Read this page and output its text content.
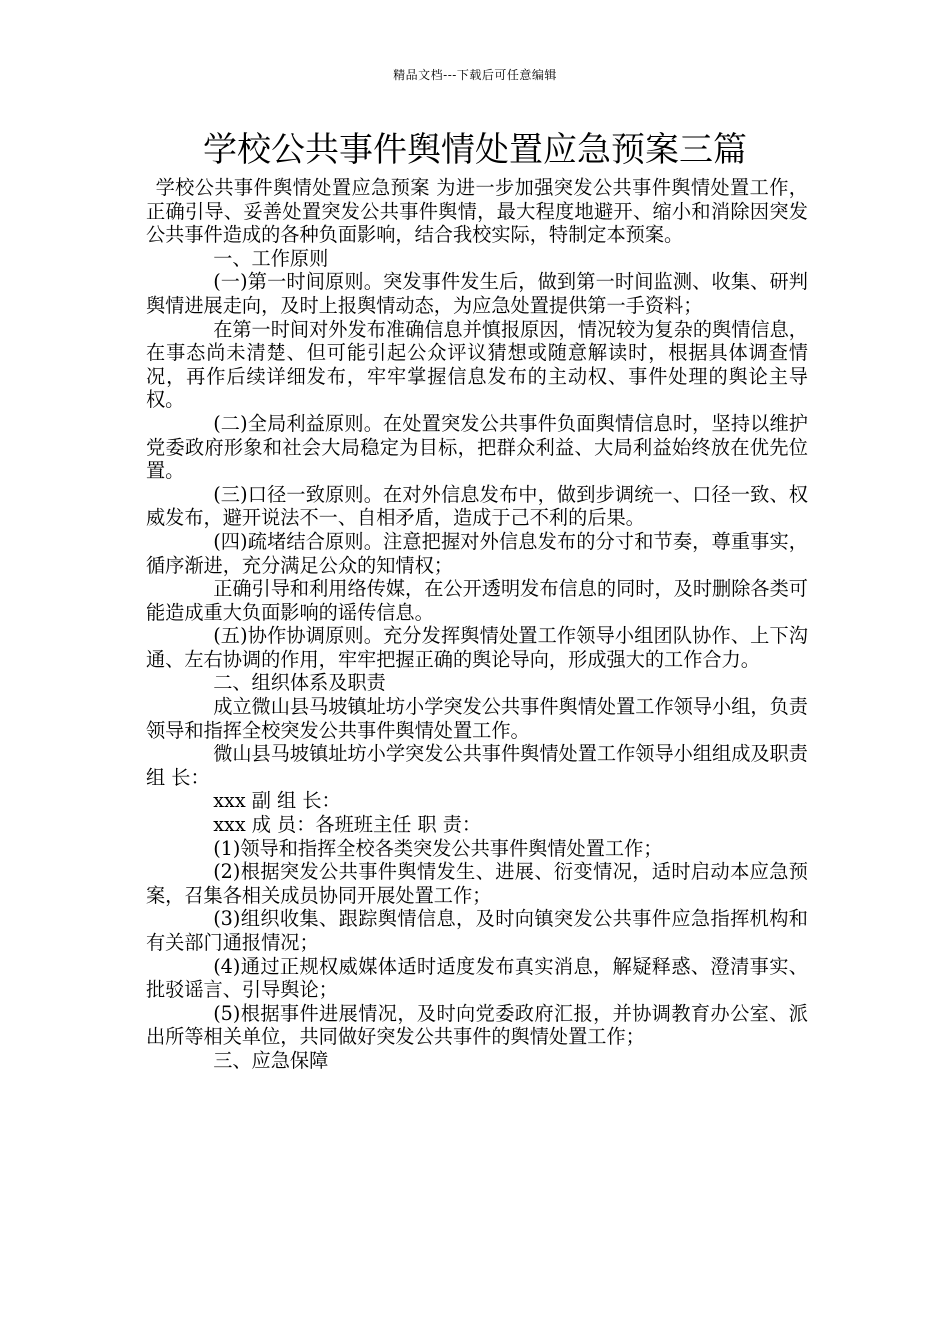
精品文档---下载后可任意编辑
学校公共事件舆情处置应急预案三篇

学校公共事件舆情处置应急预案 为进一步加强突发公共事件舆情处置工作，正确引导、妥善处置突发公共事件舆情，最大程度地避开、缩小和消除因突发公共事件造成的各种负面影响，结合我校实际，特制定本预案。

一、工作原则

(一)第一时间原则。突发事件发生后，做到第一时间监测、收集、研判舆情进展走向，及时上报舆情动态，为应急处置提供第一手资料；

在第一时间对外发布准确信息并慎报原因，情况较为复杂的舆情信息，在事态尚未清楚、但可能引起公众评议猜想或随意解读时，根据具体调查情况，再作后续详细发布，牢牢掌握信息发布的主动权、事件处理的舆论主导权。

(二)全局利益原则。在处置突发公共事件负面舆情信息时，坚持以维护党委政府形象和社会大局稳定为目标，把群众利益、大局利益始终放在优先位置。

(三)口径一致原则。在对外信息发布中，做到步调统一、口径一致、权威发布，避开说法不一、自相矛盾，造成于己不利的后果。

(四)疏堵结合原则。注意把握对外信息发布的分寸和节奏，尊重事实，循序渐进，充分满足公众的知情权；

正确引导和利用络传媒，在公开透明发布信息的同时，及时删除各类可能造成重大负面影响的谣传信息。

(五)协作协调原则。充分发挥舆情处置工作领导小组团队协作、上下沟通、左右协调的作用，牢牢把握正确的舆论导向，形成强大的工作合力。

二、组织体系及职责

成立微山县马坡镇址坊小学突发公共事件舆情处置工作领导小组，负责领导和指挥全校突发公共事件舆情处置工作。

微山县马坡镇址坊小学突发公共事件舆情处置工作领导小组组成及职责组 长：

xxx 副 组 长：

xxx 成 员：各班班主任 职 责：

(1)领导和指挥全校各类突发公共事件舆情处置工作；

(2)根据突发公共事件舆情发生、进展、衍变情况，适时启动本应急预案，召集各相关成员协同开展处置工作；

(3)组织收集、跟踪舆情信息，及时向镇突发公共事件应急指挥机构和有关部门通报情况；

(4)通过正规权威媒体适时适度发布真实消息，解疑释惑、澄清事实、批驳谣言、引导舆论；

(5)根据事件进展情况，及时向党委政府汇报，并协调教育办公室、派出所等相关单位，共同做好突发公共事件的舆情处置工作；

三、应急保障
